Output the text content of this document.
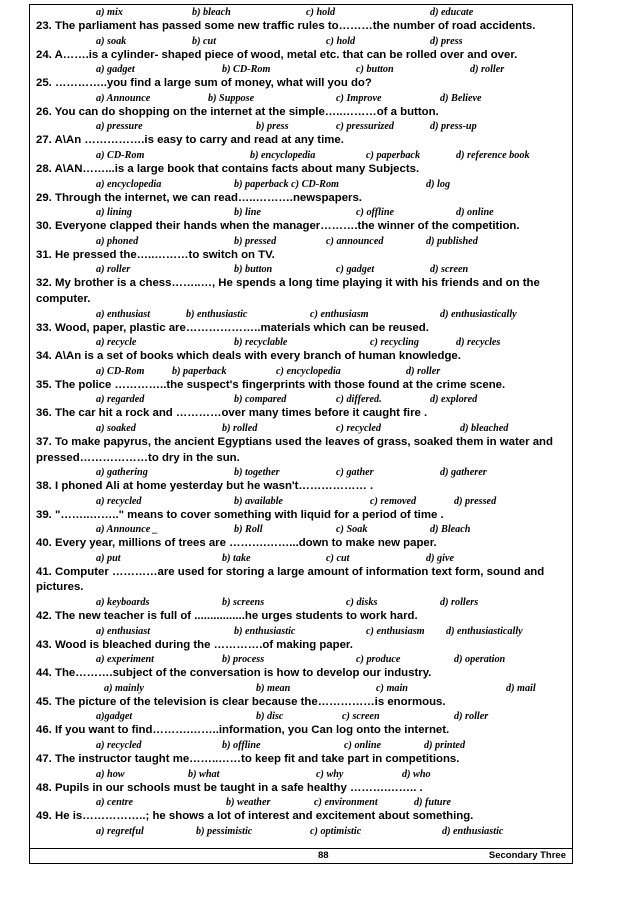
a) mix	b) bleach	c) hold	d) educate
23. The parliament has passed some new traffic rules to………the number of road accidents.
a) soak	b) cut	c) hold	d) press
24. A…….is a cylinder- shaped piece of wood, metal etc. that can be rolled over and over.
a) gadget	b) CD-Rom	c) button	d) roller
25. …………..you find a large sum of money, what will you do?
a) Announce	b) Suppose	c) Improve	d) Believe
26. You can do shopping on the internet at the simple…..………of a button.
a) pressure	b) press	c) pressurized	d) press-up
27. A\An …………….is easy to carry and read at any time.
a) CD-Rom	b) encyclopedia	c) paperback	d) reference book
28. A\AN……...is a large book that contains facts about many Subjects.
a) encyclopedia	b) paperback c) CD-Rom	d) log
29. Through the internet, we can read…..……….newspapers.
a) lining	b) line	c) offline	d) online
30. Everyone clapped their hands when the manager……….the winner of the competition.
a) phoned	b) pressed	c) announced	d) published
31. He pressed the…..………to switch on TV.
a) roller	b) button	c) gadget	d) screen
32. My brother is a chess……..…, He spends a long time playing it with his friends and on the computer.
a) enthusiast	b) enthusiastic	c) enthusiasm	d) enthusiastically
33. Wood, paper, plastic are………………..materials which can be reused.
a) recycle	b) recyclable	c) recycling	d) recycles
34. A\An is a set of books which deals with every branch of human knowledge.
a) CD-Rom	b) paperback	c) encyclopedia	d) roller
35. The police …………..the suspect's fingerprints with those found at the crime scene.
a) regarded	b) compared	c) differed.	d) explored
36. The car hit a rock and …………over many times before it caught fire .
a) soaked	b) rolled	c) recycled	d) bleached
37. To make papyrus, the ancient Egyptians used the leaves of grass, soaked them in water and pressed………………to dry in the sun.
a) gathering	b) together	c) gather	d) gatherer
38. I phoned Ali at home yesterday but he wasn't……………… .
a) recycled	b) available	c) removed	d) pressed
39. "……..…….." means to cover something with liquid for a period of time .
a) Announce _	b) Roll	c) Soak	d) Bleach
40. Every year, millions of trees are ……….……...down to make new paper.
a) put	b) take	c) cut	d) give
41. Computer …………are used for storing a large amount of information text form, sound and pictures.
a) keyboards	b) screens	c) disks	d) rollers
42. The new teacher is full of ................he urges students to work hard.
a) enthusiast	b) enthusiastic	c) enthusiasm d) enthusiastically
43. Wood is bleached during the ………….of making paper.
a) experiment	b) process	c) produce	d) operation
44. The……….subject of the conversation is how to develop our industry.
a) mainly	b) mean	c) main	d) mail
45. The picture of the television is clear because the……………is enormous.
a)gadget	b) disc	c) screen	d) roller
46. If you want to find……….……..information, you Can log onto the internet.
a) recycled	b) offline	c) online	d) printed
47. The instructor taught me……..……to keep fit and take part in competitions.
a) how	b) what	c) why	d) who
48. Pupils in our schools must be taught in a safe healthy ……….…….. .
a) centre	b) weather	c) environment	d) future
49. He is……………..; he shows a lot of interest and excitement about something.
a) regretful	b) pessimistic	c) optimistic	d) enthusiastic
88	Secondary Three
